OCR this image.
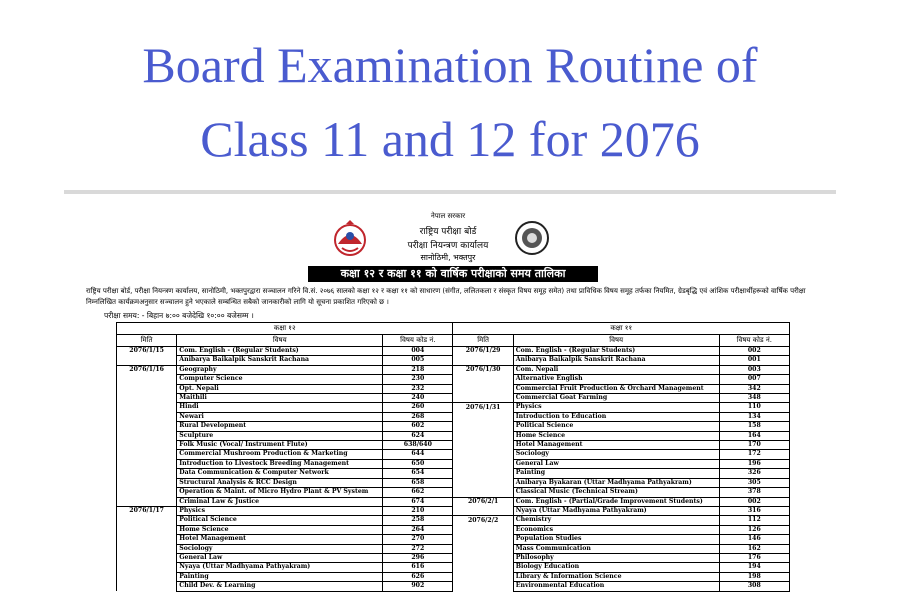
Board Examination Routine of
Class 11 and 12 for 2076
नेपाल सरकार
राष्ट्रिय परीक्षा बोर्ड
परीक्षा नियन्त्रण कार्यालय
सानोठिमी, भक्तपुर
कक्षा १२ र कक्षा ११ को वार्षिक परीक्षाको समय तालिका
राष्ट्रिय परीक्षा बोर्ड, परीक्षा नियन्त्रण कार्यालय, सानोठिमी, भक्तपुरद्वारा सञ्चालन गरिने वि.सं. २०७६ सालको कक्षा १२ र कक्षा ११ को साधारण (संगीत, ललितकला र संस्कृत विषय समूह समेत) तथा प्राविधिक विषय समूह तर्फका नियमित, ग्रेडबृद्धि एवं आंशिक परीक्षार्थीहरूको वार्षिक परीक्षा निम्नलिखित कार्यक्रमअनुसार सञ्चालन हुने भएकाले सम्बन्धित सबैको जानकारीको लागि यो सूचना प्रकाशित गरिएको छ ।
परीक्षा समय: - बिहान ७:०० बजेदेखि १०:०० बजेसम्म ।
कक्षा १२			कक्षा ११		
मिति	विषय	विषय कोड नं.	मिति	विषय	विषय कोड नं.
2076/1/15	Com. English - (Regular Students)	004	2076/1/29	Com. English - (Regular Students)	002
	Anibarya Baikalpik Sanskrit Rachana	005		Anibarya Baikalpik Sanskrit Rachana	001
2076/1/16	Geography	218	2076/1/30	Com. Nepali	003
	Computer Science	230		Alternative English	007
	Opt. Nepali	232		Commercial Fruit Production & Orchard Management	342
	Maithili	240		Commercial Goat Farming	348
	Hindi	260	2076/1/31	Physics	110
	Newari	268		Introduction to Education	134
	Rural Development	602		Political Science	158
	Sculpture	624		Home Science	164
	Folk Music (Vocal/ Instrument Flute)	638/640		Hotel Management	170
	Commercial Mushroom Production & Marketing	644		Sociology	172
	Introduction to Livestock Breeding Management	650		General Law	196
	Data Communication & Computer Network	654		Painting	326
	Structural Analysis & RCC Design	658		Anibarya Byakaran (Uttar Madhyama Pathyakram)	305
	Operation & Maint. of Micro Hydro Plant & PV System	662		Classical Music (Technical Stream)	378
	Criminal Law & Justice	674	2076/2/1	Com. English - (Partial/Grade Improvement Students)	002
2076/1/17	Physics	210		Nyaya (Uttar Madhyama Pathyakram)	316
	Political Science	258	2076/2/2	Chemistry	112
	Home Science	264		Economics	126
	Hotel Management	270		Population Studies	146
	Sociology	272		Mass Communication	162
	General Law	296		Philosophy	176
	Nyaya (Uttar Madhyama Pathyakram)	616		Biology Education	194
	Painting	626		Library & Information Science	198
	Child Dev. & Learning	902		Environmental Education	308
